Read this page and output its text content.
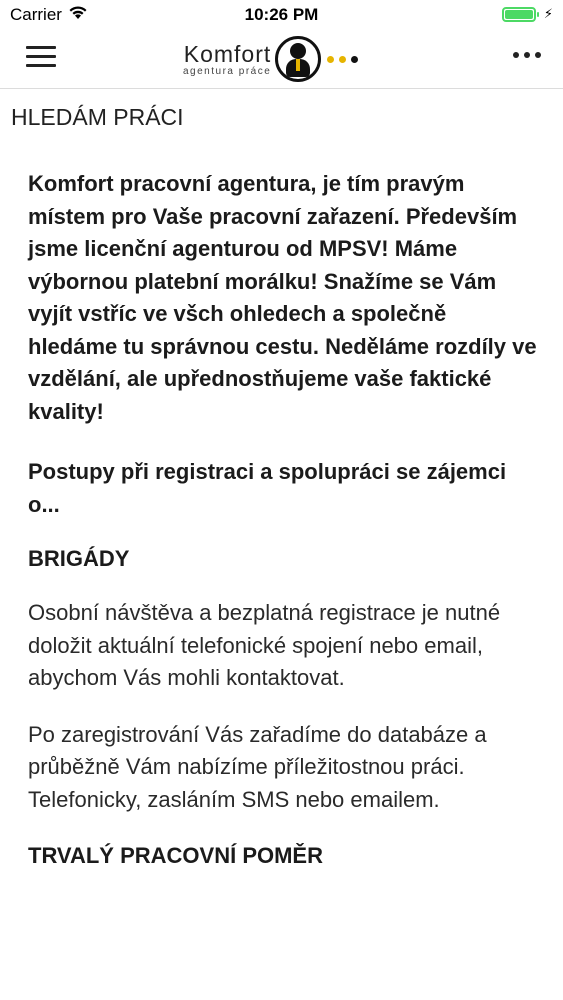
Carrier	10:26 PM	⚡
Komfort
agentura práce
HLEDÁM PRÁCI

Komfort pracovní agentura, je tím pravým místem pro Vaše pracovní zařazení. Především jsme licenční agenturou od MPSV! Máme výbornou platební morálku! Snažíme se Vám vyjít vstříc ve všch ohledech a společně hledáme tu správnou cestu. Neděláme rozdíly ve vzdělání, ale upřednostňujeme vaše faktické kvality!

Postupy při registraci a spolupráci se zájemci o...

BRIGÁDY

Osobní návštěva a bezplatná registrace je nutné doložit aktuální telefonické spojení nebo email, abychom Vás mohli kontaktovat.

Po zaregistrování Vás zařadíme do databáze a průběžně Vám nabízíme příležitostnou práci. Telefonicky, zasláním SMS nebo emailem.

TRVALÝ PRACOVNÍ POMĚR
